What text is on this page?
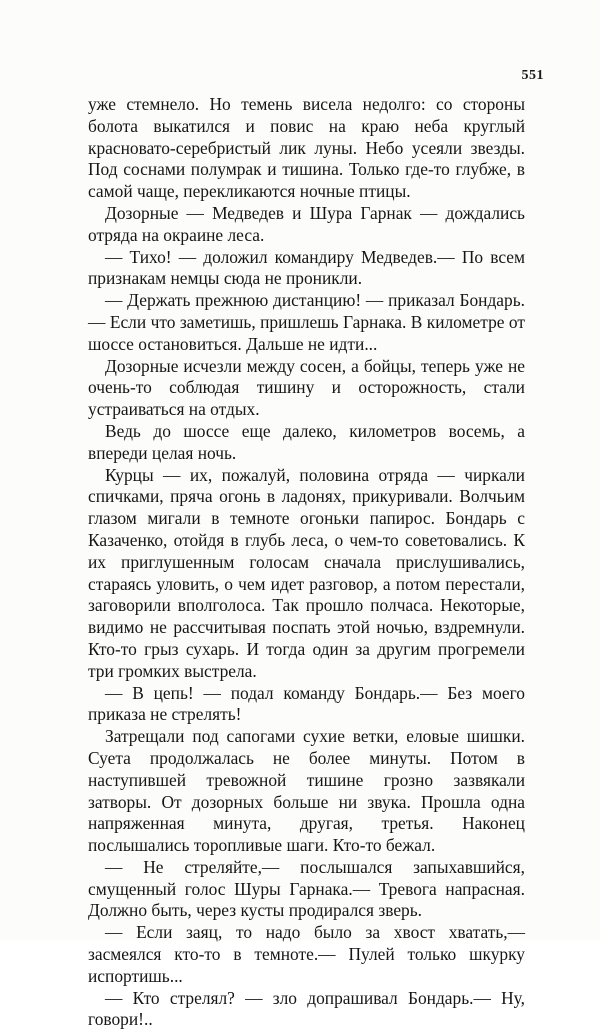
551

уже стемнело. Но темень висела недолго: со стороны болота выкатился и повис на краю неба круглый красновато-серебристый лик луны. Небо усеяли звезды. Под соснами полумрак и тишина. Только где-то глубже, в самой чаще, перекликаются ночные птицы.

Дозорные — Медведев и Шура Гарнак — дождались отряда на окраине леса.

— Тихо! — доложил командиру Медведев.— По всем признакам немцы сюда не проникли.

— Держать прежнюю дистанцию! — приказал Бондарь.— Если что заметишь, пришлешь Гарнака. В километре от шоссе остановиться. Дальше не идти...

Дозорные исчезли между сосен, а бойцы, теперь уже не очень-то соблюдая тишину и осторожность, стали устраиваться на отдых.

Ведь до шоссе еще далеко, километров восемь, а впереди целая ночь.

Курцы — их, пожалуй, половина отряда — чиркали спичками, пряча огонь в ладонях, прикуривали. Волчьим глазом мигали в темноте огоньки папирос. Бондарь с Казаченко, отойдя в глубь леса, о чем-то советовались. К их приглушенным голосам сначала прислушивались, стараясь уловить, о чем идет разговор, а потом перестали, заговорили вполголоса. Так прошло полчаса. Некоторые, видимо не рассчитывая поспать этой ночью, вздремнули. Кто-то грыз сухарь. И тогда один за другим прогремели три громких выстрела.

— В цепь! — подал команду Бондарь.— Без моего приказа не стрелять!

Затрещали под сапогами сухие ветки, еловые шишки. Суета продолжалась не более минуты. Потом в наступившей тревожной тишине грозно зазвякали затворы. От дозорных больше ни звука. Прошла одна напряженная минута, другая, третья. Наконец послышались торопливые шаги. Кто-то бежал.

— Не стреляйте,— послышался запыхавшийся, смущенный голос Шуры Гарнака.— Тревога напрасная. Должно быть, через кусты продирался зверь.

— Если заяц, то надо было за хвост хватать,— засмеялся кто-то в темноте.— Пулей только шкурку испортишь...

— Кто стрелял? — зло допрашивал Бондарь.— Ну, говори!..
